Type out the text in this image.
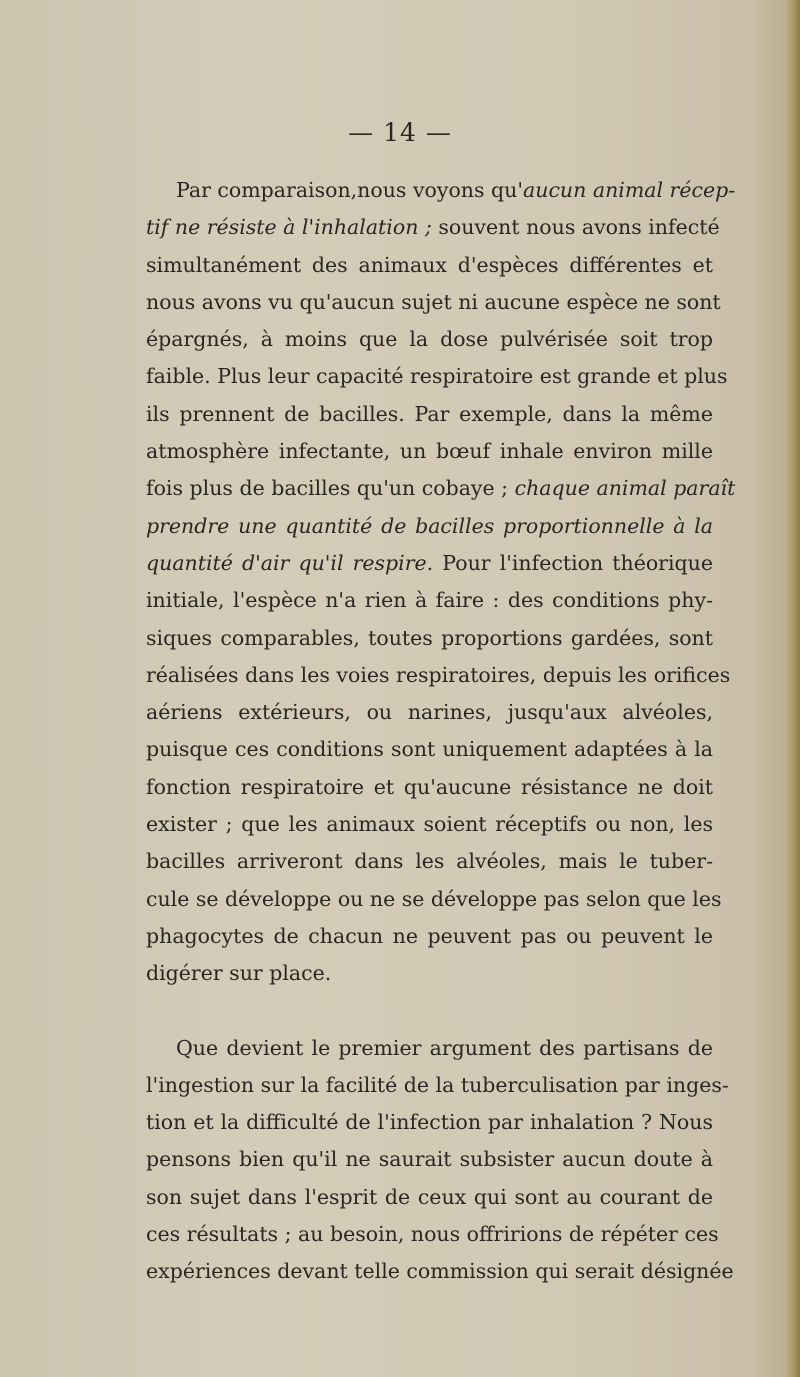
— 14 —
Par comparaison,nous voyons qu'aucun animal récep-
tif ne résiste à l'inhalation ; souvent nous avons infecté
simultanément des animaux d'espèces différentes et
nous avons vu qu'aucun sujet ni aucune espèce ne sont
épargnés, à moins que la dose pulvérisée soit trop
faible. Plus leur capacité respiratoire est grande et plus
ils prennent de bacilles. Par exemple, dans la même
atmosphère infectante, un bœuf inhale environ mille
fois plus de bacilles qu'un cobaye ; chaque animal paraît
prendre une quantité de bacilles proportionnelle à la
quantité d'air qu'il respire. Pour l'infection théorique
initiale, l'espèce n'a rien à faire : des conditions phy-
siques comparables, toutes proportions gardées, sont
réalisées dans les voies respiratoires, depuis les orifices
aériens extérieurs, ou narines, jusqu'aux alvéoles,
puisque ces conditions sont uniquement adaptées à la
fonction respiratoire et qu'aucune résistance ne doit
exister ; que les animaux soient réceptifs ou non, les
bacilles arriveront dans les alvéoles, mais le tuber-
cule se développe ou ne se développe pas selon que les
phagocytes de chacun ne peuvent pas ou peuvent le
digérer sur place.
Que devient le premier argument des partisans de
l'ingestion sur la facilité de la tuberculisation par inges-
tion et la difficulté de l'infection par inhalation ? Nous
pensons bien qu'il ne saurait subsister aucun doute à
son sujet dans l'esprit de ceux qui sont au courant de
ces résultats ; au besoin, nous offririons de répéter ces
expériences devant telle commission qui serait désignée
